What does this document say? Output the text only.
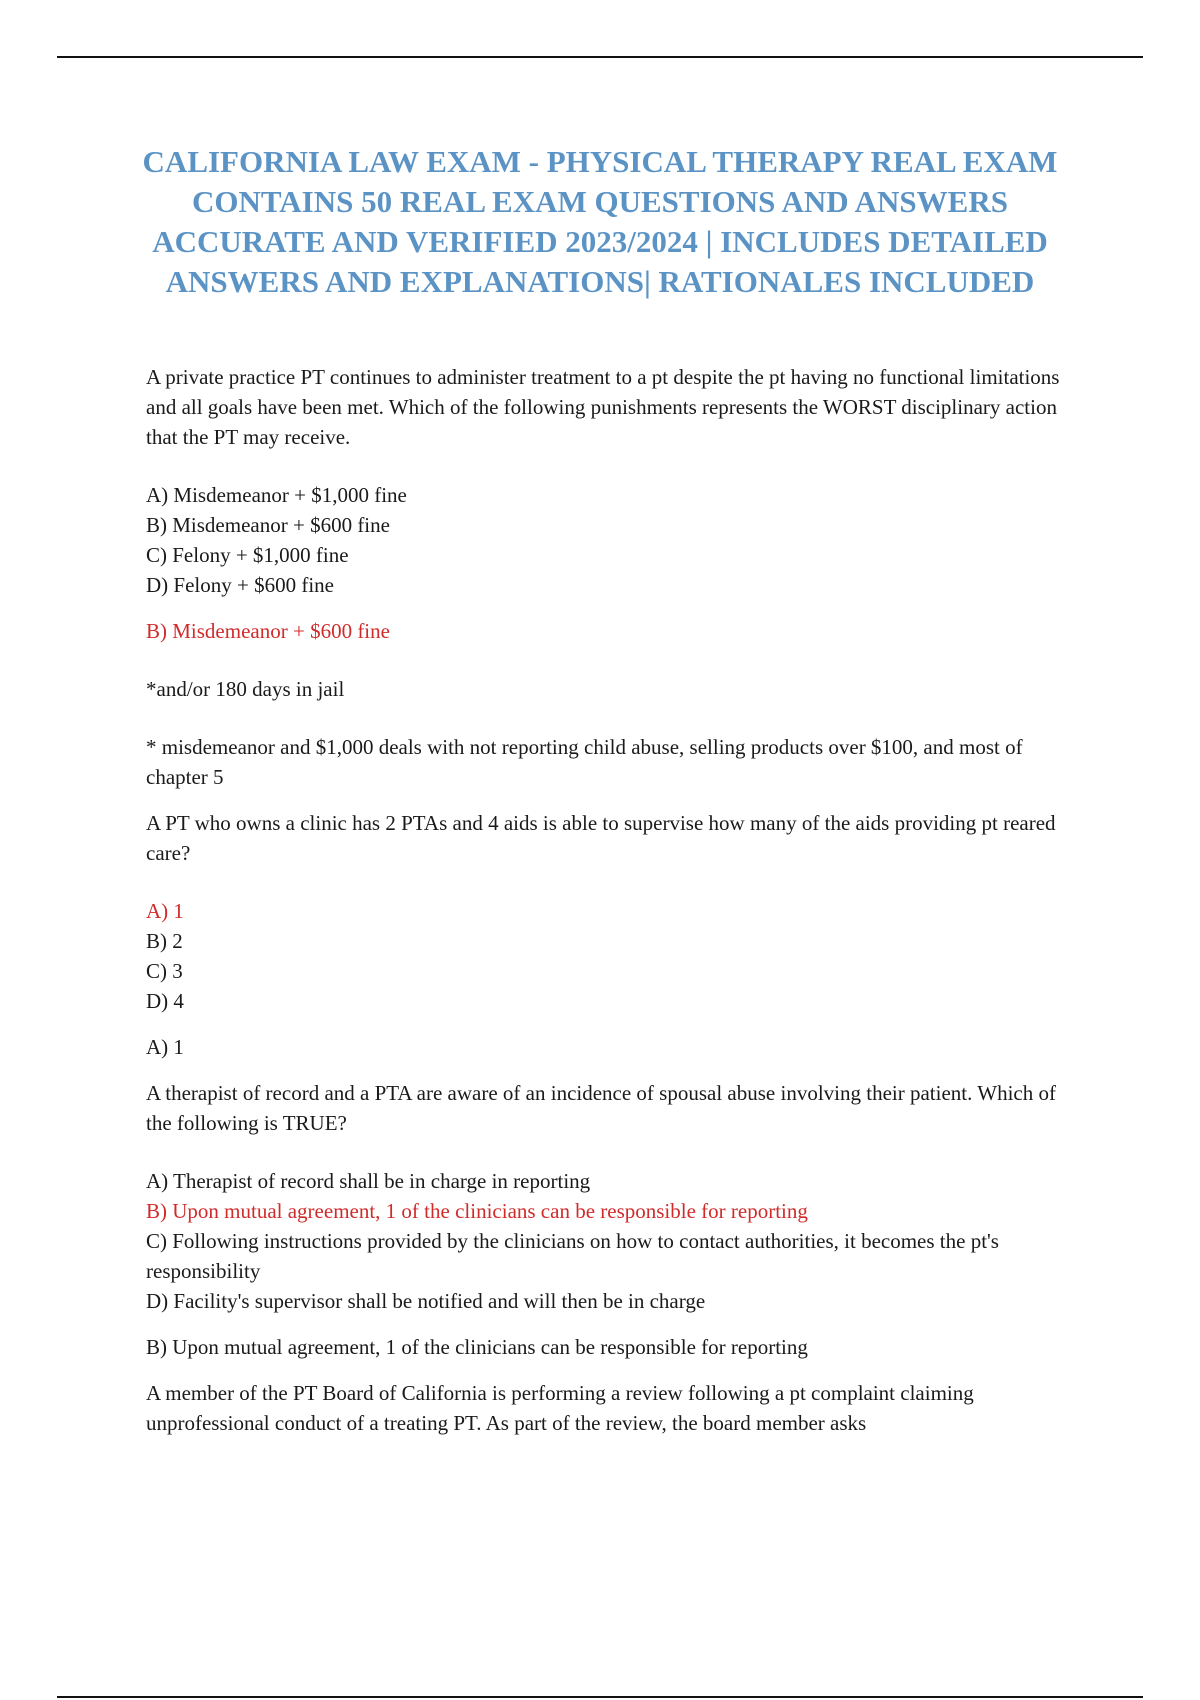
CALIFORNIA LAW EXAM - PHYSICAL THERAPY REAL EXAM CONTAINS 50 REAL EXAM QUESTIONS AND ANSWERS ACCURATE AND VERIFIED 2023/2024 | INCLUDES DETAILED ANSWERS AND EXPLANATIONS| RATIONALES INCLUDED

A private practice PT continues to administer treatment to a pt despite the pt having no functional limitations and all goals have been met. Which of the following punishments represents the WORST disciplinary action that the PT may receive.

A) Misdemeanor + $1,000 fine
B) Misdemeanor + $600 fine
C) Felony + $1,000 fine
D) Felony + $600 fine

B) Misdemeanor + $600 fine

*and/or 180 days in jail

* misdemeanor and $1,000 deals with not reporting child abuse, selling products over $100, and most of chapter 5

A PT who owns a clinic has 2 PTAs and 4 aids is able to supervise how many of the aids providing pt reared care?

A) 1
B) 2
C) 3
D) 4

A) 1

A therapist of record and a PTA are aware of an incidence of spousal abuse involving their patient. Which of the following is TRUE?

A) Therapist of record shall be in charge in reporting
B) Upon mutual agreement, 1 of the clinicians can be responsible for reporting
C) Following instructions provided by the clinicians on how to contact authorities, it becomes the pt's responsibility
D) Facility's supervisor shall be notified and will then be in charge

B) Upon mutual agreement, 1 of the clinicians can be responsible for reporting

A member of the PT Board of California is performing a review following a pt complaint claiming unprofessional conduct of a treating PT. As part of the review, the board member asks
